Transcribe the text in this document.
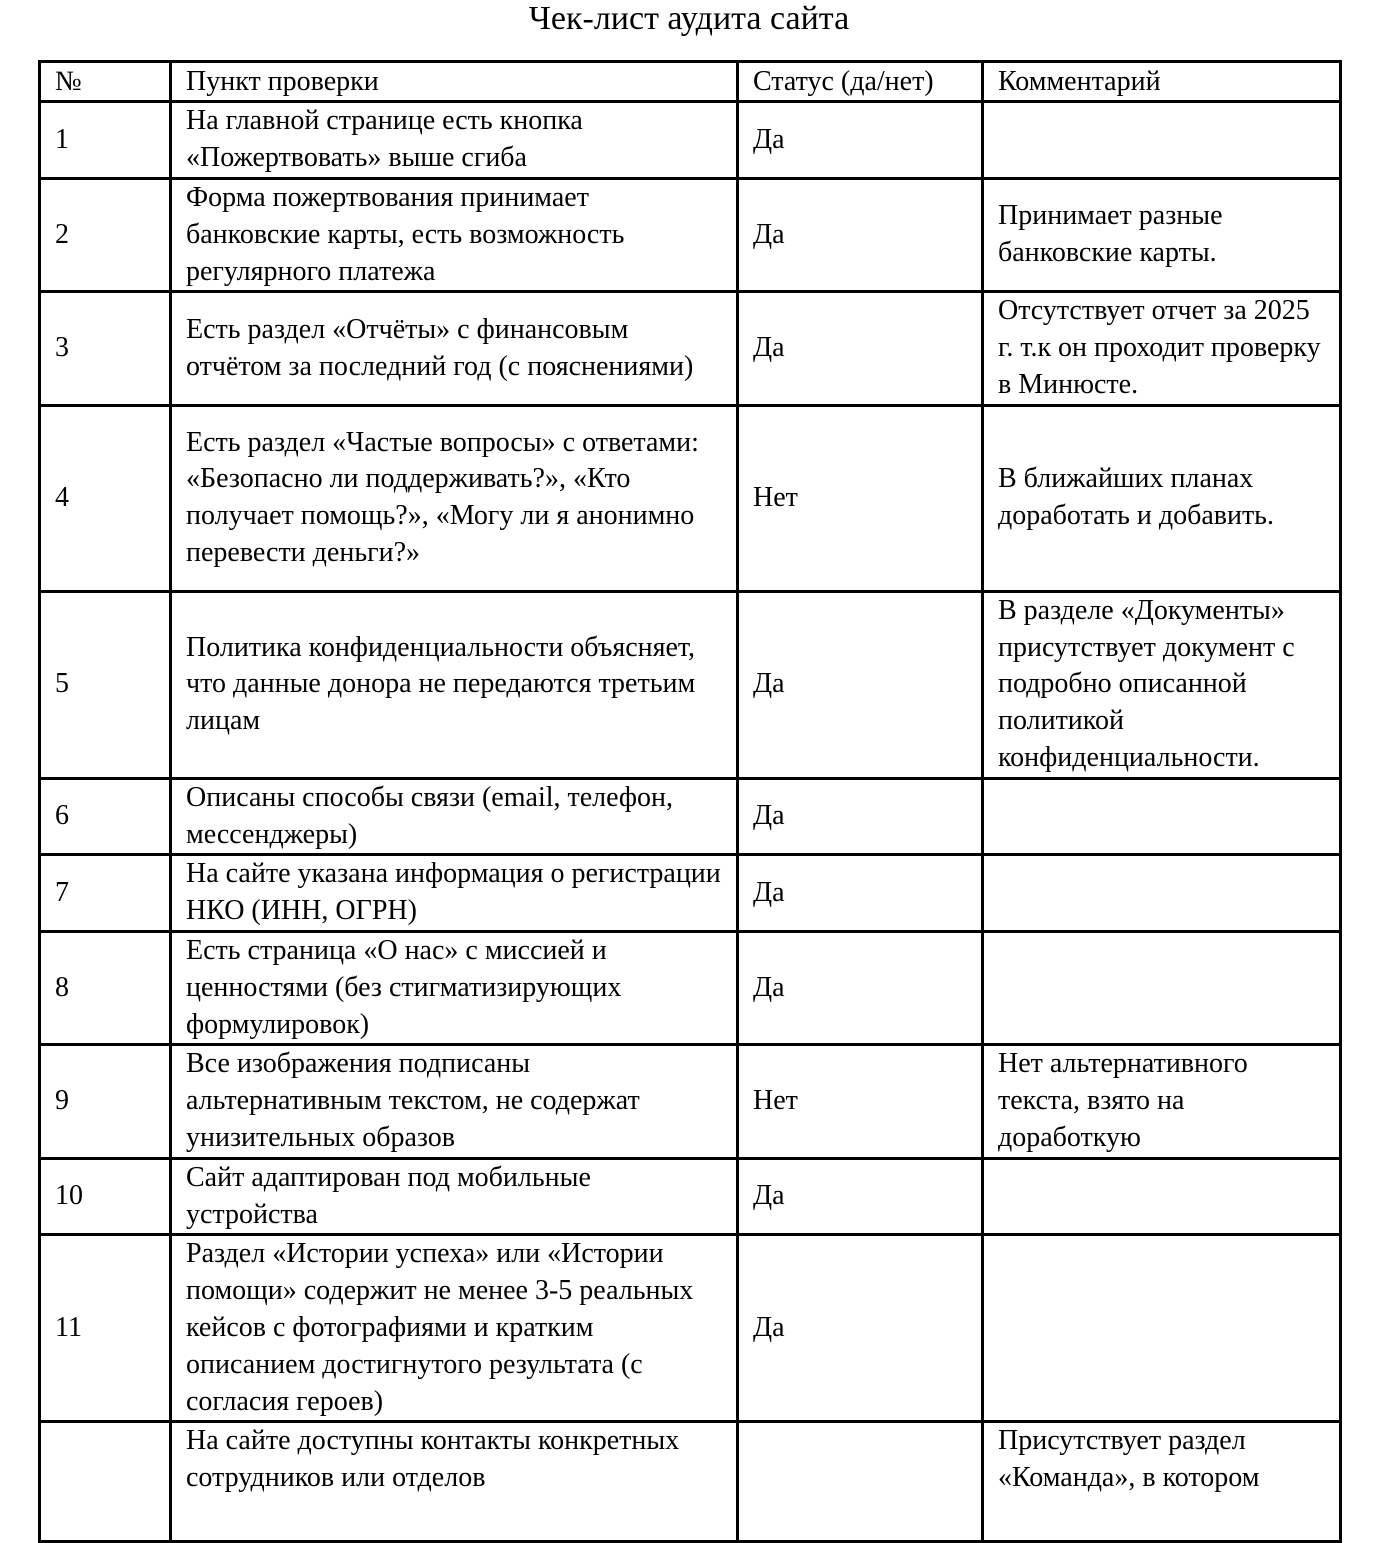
Чек-лист аудита сайта
№	Пункт проверки	Статус (да/нет)	Комментарий
1	На главной странице есть кнопка «Пожертвовать» выше сгиба	Да	
2	Форма пожертвования принимает банковские карты, есть возможность регулярного платежа	Да	Принимает разные банковские карты.
3	Есть раздел «Отчёты» с финансовым отчётом за последний год (с пояснениями)	Да	Отсутствует отчет за 2025 г. т.к он проходит проверку в Минюсте.
4	Есть раздел «Частые вопросы» с ответами: «Безопасно ли поддерживать?», «Кто получает помощь?», «Могу ли я анонимно перевести деньги?»	Нет	В ближайших планах доработать и добавить.
5	Политика конфиденциальности объясняет, что данные донора не передаются третьим лицам	Да	В разделе «Документы» присутствует документ с подробно описанной политикой конфиденциальности.
6	Описаны способы связи (email, телефон, мессенджеры)	Да	
7	На сайте указана информация о регистрации НКО (ИНН, ОГРН)	Да	
8	Есть страница «О нас» с миссией и ценностями (без стигматизирующих формулировок)	Да	
9	Все изображения подписаны альтернативным текстом, не содержат унизительных образов	Нет	Нет альтернативного текста, взято на доработкую
10	Сайт адаптирован под мобильные устройства	Да	
11	Раздел «Истории успеха» или «Истории помощи» содержит не менее 3-5 реальных кейсов с фотографиями и кратким описанием достигнутого результата (с согласия героев)	Да	
	На сайте доступны контакты конкретных сотрудников или отделов		Присутствует раздел «Команда», в котором
